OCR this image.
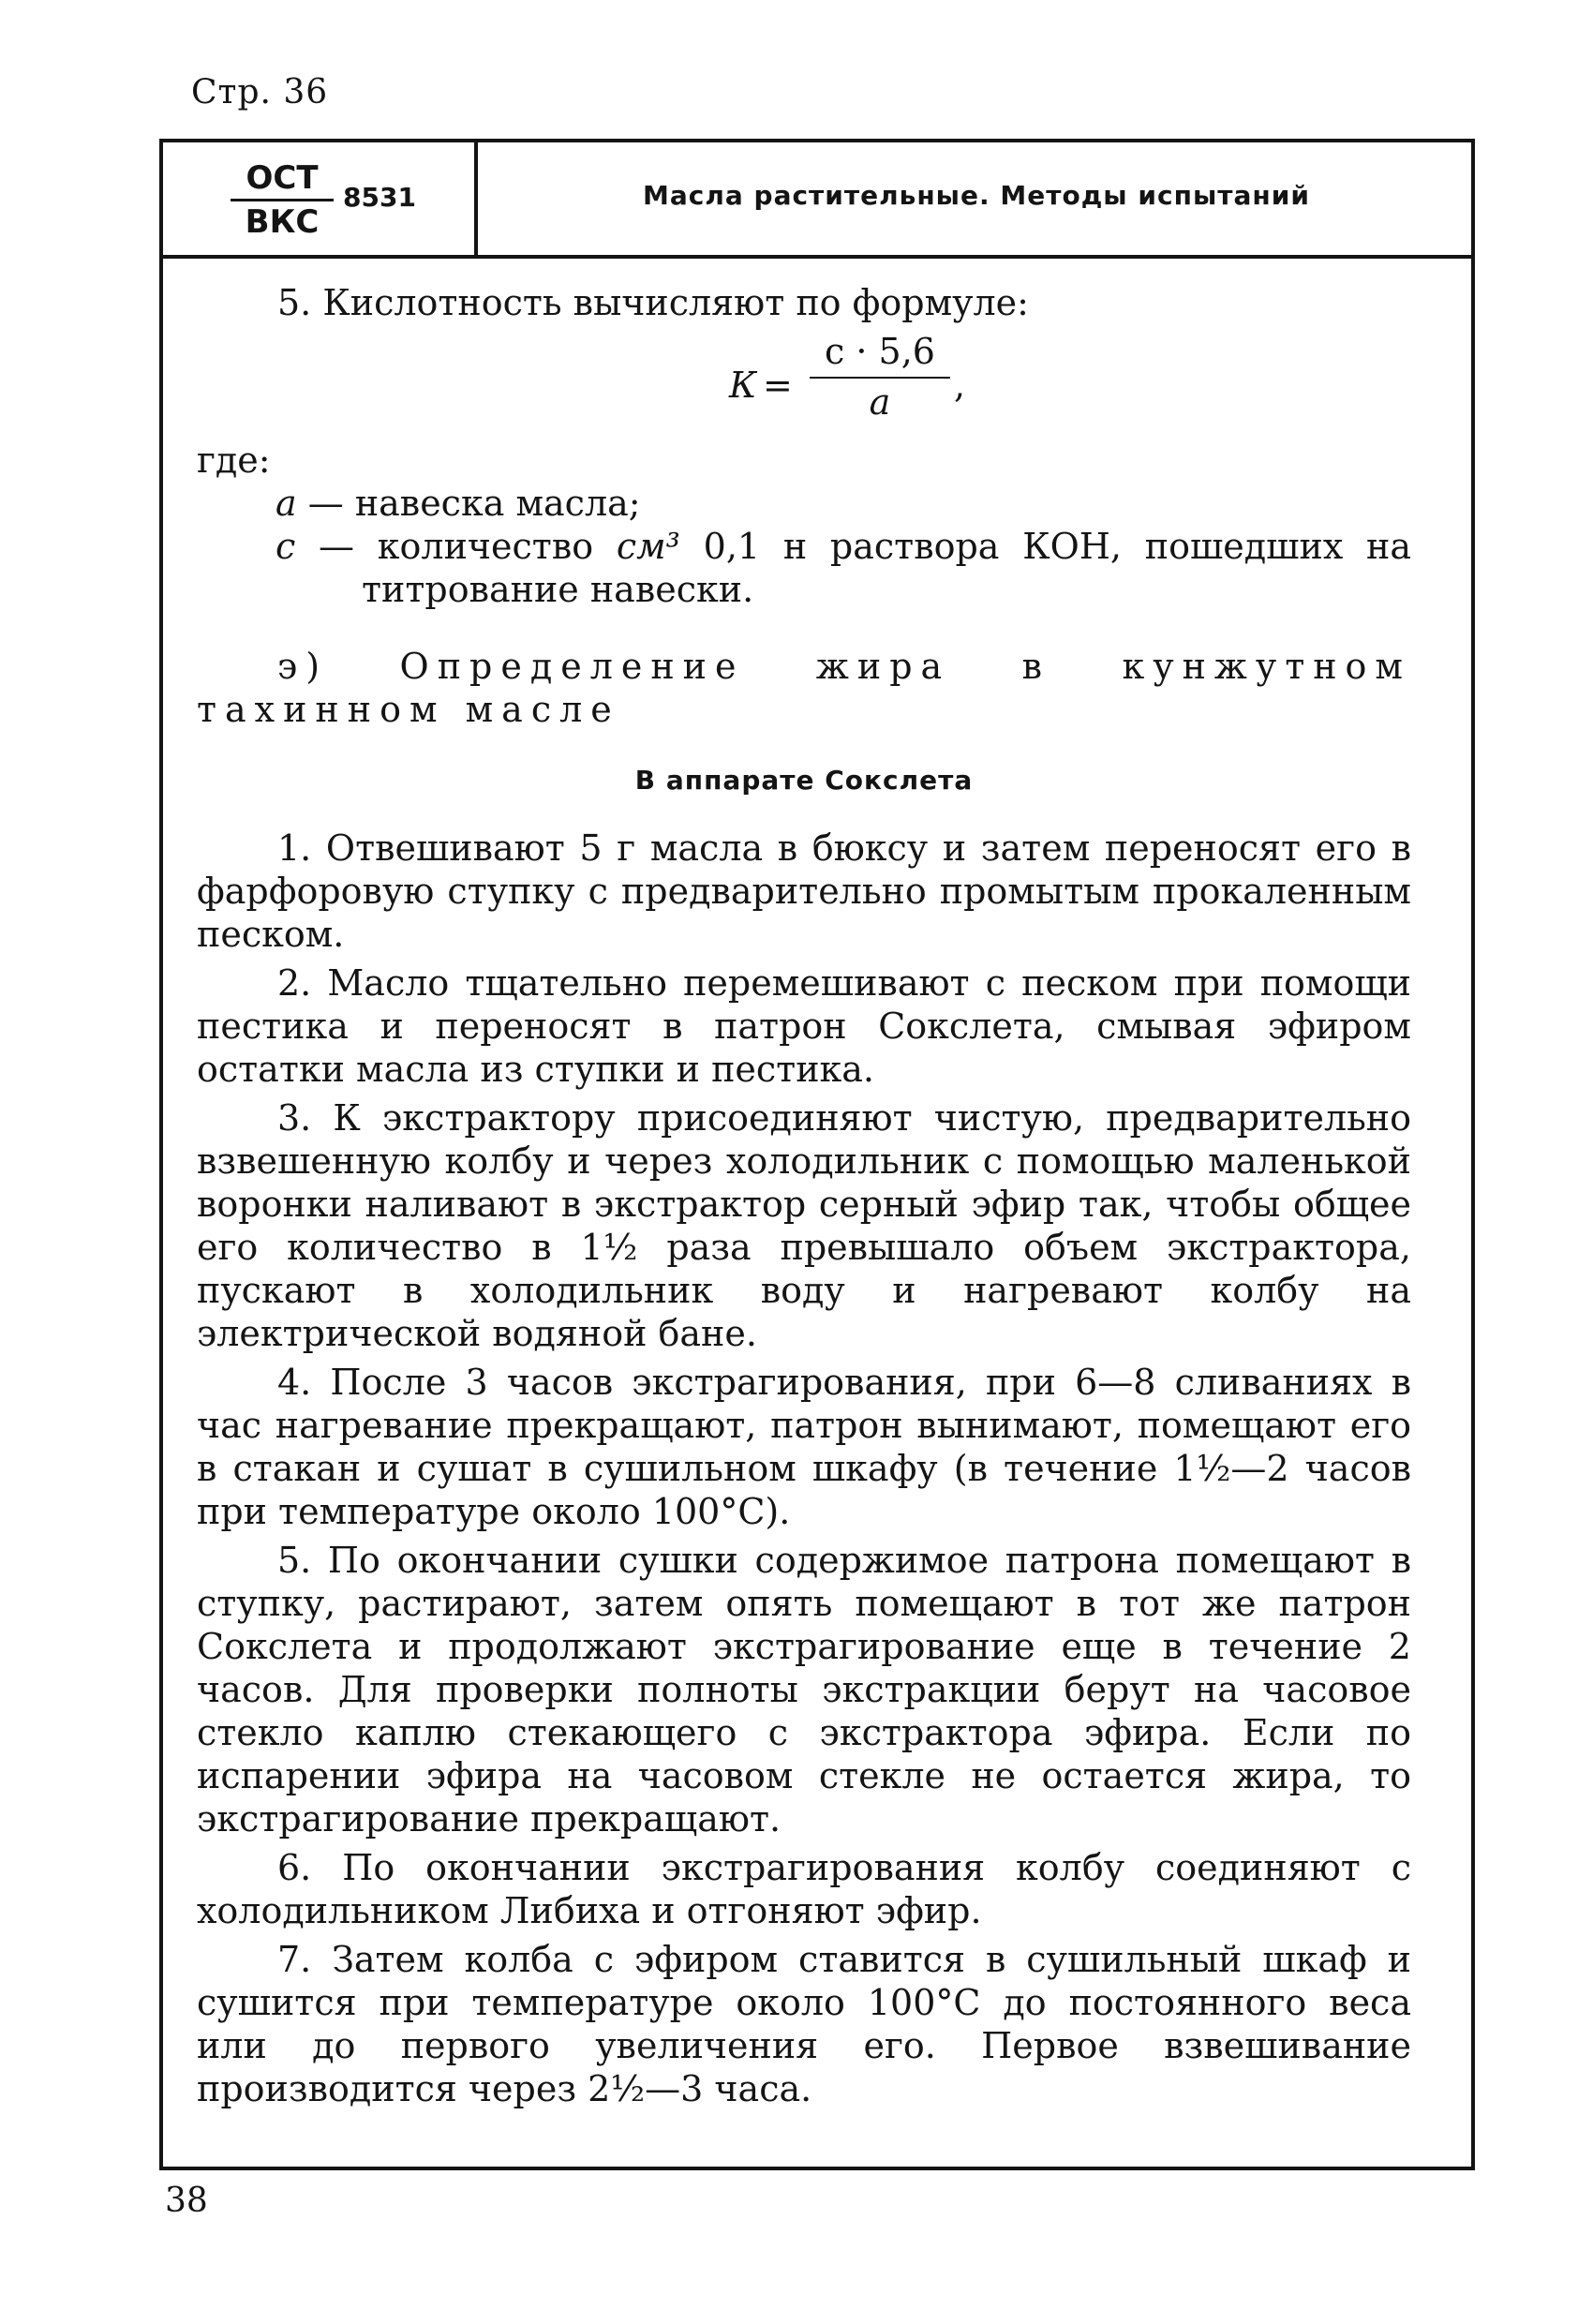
Стр. 36
ОСТ
ВКС
8531	Масла растительные. Методы испытаний

5. Кислотность вычисляют по формуле:

К =
с · 5,6
а	,

где:

а — навеска масла;

с — количество см³ 0,1 н раствора КОН, пошедших на титрование навески.

э) Определение жира в кунжутном тахинном масле

В аппарате Сокслета

1. Отвешивают 5 г масла в бюксу и затем переносят его в фарфоровую ступку с предварительно промытым прокаленным песком.

2. Масло тщательно перемешивают с песком при помощи пестика и переносят в патрон Сокслета, смывая эфиром остатки масла из ступки и пестика.

3. К экстрактору присоединяют чистую, предварительно взвешенную колбу и через холодильник с помощью маленькой воронки наливают в экстрактор серный эфир так, чтобы общее его количество в 1½ раза превышало объем экстрактора, пускают в холодильник воду и нагревают колбу на электрической водяной бане.

4. После 3 часов экстрагирования, при 6—8 сливаниях в час нагревание прекращают, патрон вынимают, помещают его в стакан и сушат в сушильном шкафу (в течение 1½—2 часов при температуре около 100°С).

5. По окончании сушки содержимое патрона помещают в ступку, растирают, затем опять помещают в тот же патрон Сокслета и продолжают экстрагирование еще в течение 2 часов. Для проверки полноты экстракции берут на часовое стекло каплю стекающего с экстрактора эфира. Если по испарении эфира на часовом стекле не остается жира, то экстрагирование прекращают.

6. По окончании экстрагирования колбу соединяют с холодильником Либиха и отгоняют эфир.

7. Затем колба с эфиром ставится в сушильный шкаф и сушится при температуре около 100°С до постоянного веса или до первого увеличения его. Первое взвешивание производится через 2½—3 часа.

38
